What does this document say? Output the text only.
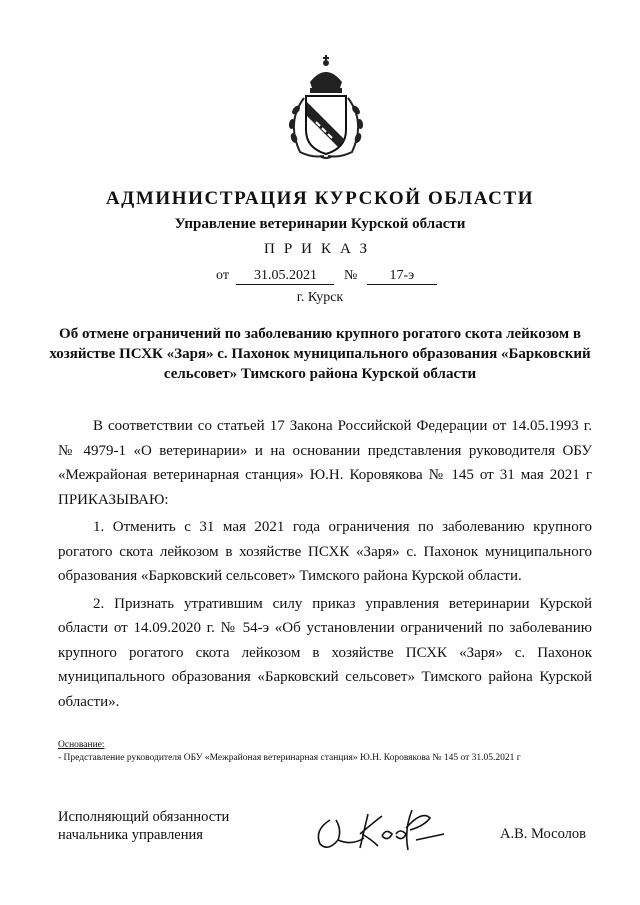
АДМИНИСТРАЦИЯ КУРСКОЙ ОБЛАСТИ
Управление ветеринарии Курской области
ПРИКАЗ
от 31.05.2021 № 17-э
г. Курск
Об отмене ограничений по заболеванию крупного рогатого скота лейкозом в хозяйстве ПСХК «Заря» с. Пахонок муниципального образования «Барковский сельсовет» Тимского района Курской области

В соответствии со статьей 17 Закона Российской Федерации от 14.05.1993 г. № 4979-1 «О ветеринарии» и на основании представления руководителя ОБУ «Межрайоная ветеринарная станция» Ю.Н. Коровякова № 145 от 31 мая 2021 г ПРИКАЗЫВАЮ:

1. Отменить с 31 мая 2021 года ограничения по заболеванию крупного рогатого скота лейкозом в хозяйстве ПСХК «Заря» с. Пахонок муниципального образования «Барковский сельсовет» Тимского района Курской области.

2. Признать утратившим силу приказ управления ветеринарии Курской области от 14.09.2020 г. № 54-э «Об установлении ограничений по заболеванию крупного рогатого скота лейкозом в хозяйстве ПСХК «Заря» с. Пахонок муниципального образования «Барковский сельсовет» Тимского района Курской области».

Основание:
- Представление руководителя ОБУ «Межрайоная ветеринарная станция» Ю.Н. Коровякова № 145 от 31.05.2021 г
Исполняющий обязанности
начальника управления	А.В. Мосолов
